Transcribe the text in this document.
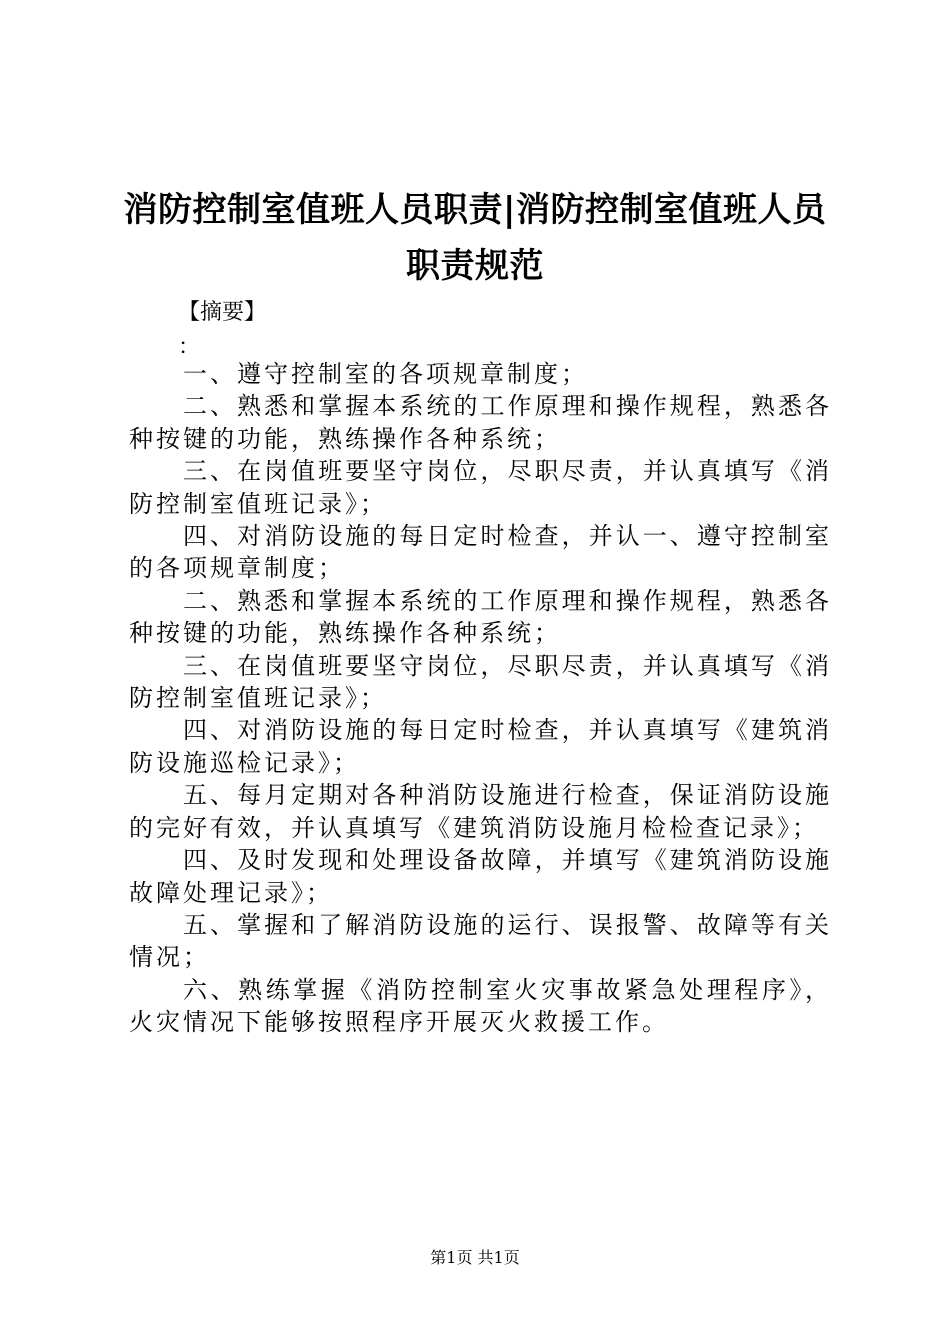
消防控制室值班人员职责|消防控制室值班人员职责规范
【摘要】
：

一、遵守控制室的各项规章制度；

二、熟悉和掌握本系统的工作原理和操作规程，熟悉各种按键的功能，熟练操作各种系统；

三、在岗值班要坚守岗位，尽职尽责，并认真填写《消防控制室值班记录》；

四、对消防设施的每日定时检查，并认一、遵守控制室的各项规章制度；

二、熟悉和掌握本系统的工作原理和操作规程，熟悉各种按键的功能，熟练操作各种系统；

三、在岗值班要坚守岗位，尽职尽责，并认真填写《消防控制室值班记录》；

四、对消防设施的每日定时检查，并认真填写《建筑消防设施巡检记录》；

五、每月定期对各种消防设施进行检查，保证消防设施的完好有效，并认真填写《建筑消防设施月检检查记录》；

四、及时发现和处理设备故障，并填写《建筑消防设施故障处理记录》；

五、掌握和了解消防设施的运行、误报警、故障等有关情况；

六、熟练掌握《消防控制室火灾事故紧急处理程序》，火灾情况下能够按照程序开展灭火救援工作。

第1页 共1页
